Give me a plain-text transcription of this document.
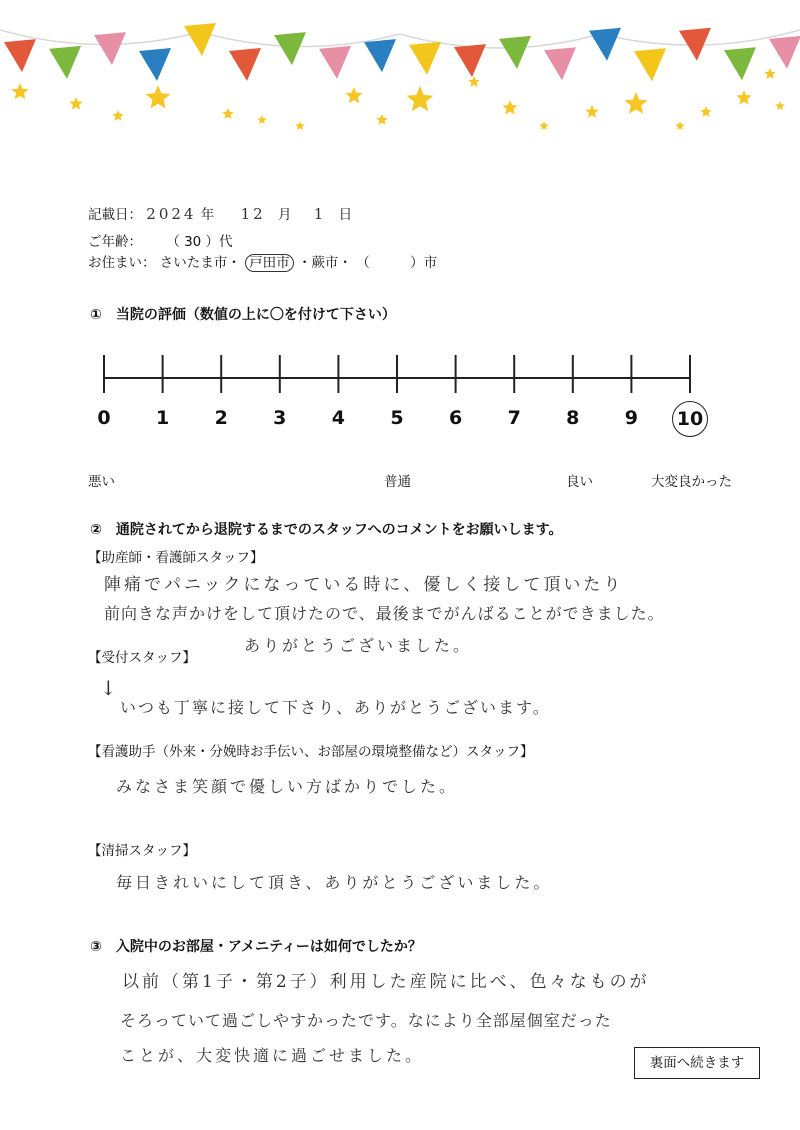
記載日： 2024 年 12 月 1 日
ご年齢： （ 30 ）代
お住まい： さいたま市・ 戸田市 ・蕨市・ （　　　）市
①　当院の評価（数値の上に〇を付けて下さい）
0	1	2	3	4	5	6	7	8	9	10
悪い	普通	良い	大変良かった
②　通院されてから退院するまでのスタッフへのコメントをお願いします。
【助産師・看護師スタッフ】
陣痛でパニックになっている時に、優しく接して頂いたり
前向きな声かけをして頂けたので、最後までがんばることができました。
ありがとうございました。
【受付スタッフ】
↓
いつも丁寧に接して下さり、ありがとうございます。
【看護助手（外来・分娩時お手伝い、お部屋の環境整備など）スタッフ】
みなさま笑顔で優しい方ばかりでした。
【清掃スタッフ】
毎日きれいにして頂き、ありがとうございました。
③　入院中のお部屋・アメニティーは如何でしたか？
以前（第1子・第2子）利用した産院に比べ、色々なものが
そろっていて過ごしやすかったです。なにより全部屋個室だった
ことが、大変快適に過ごせました。	裏面へ続きます
